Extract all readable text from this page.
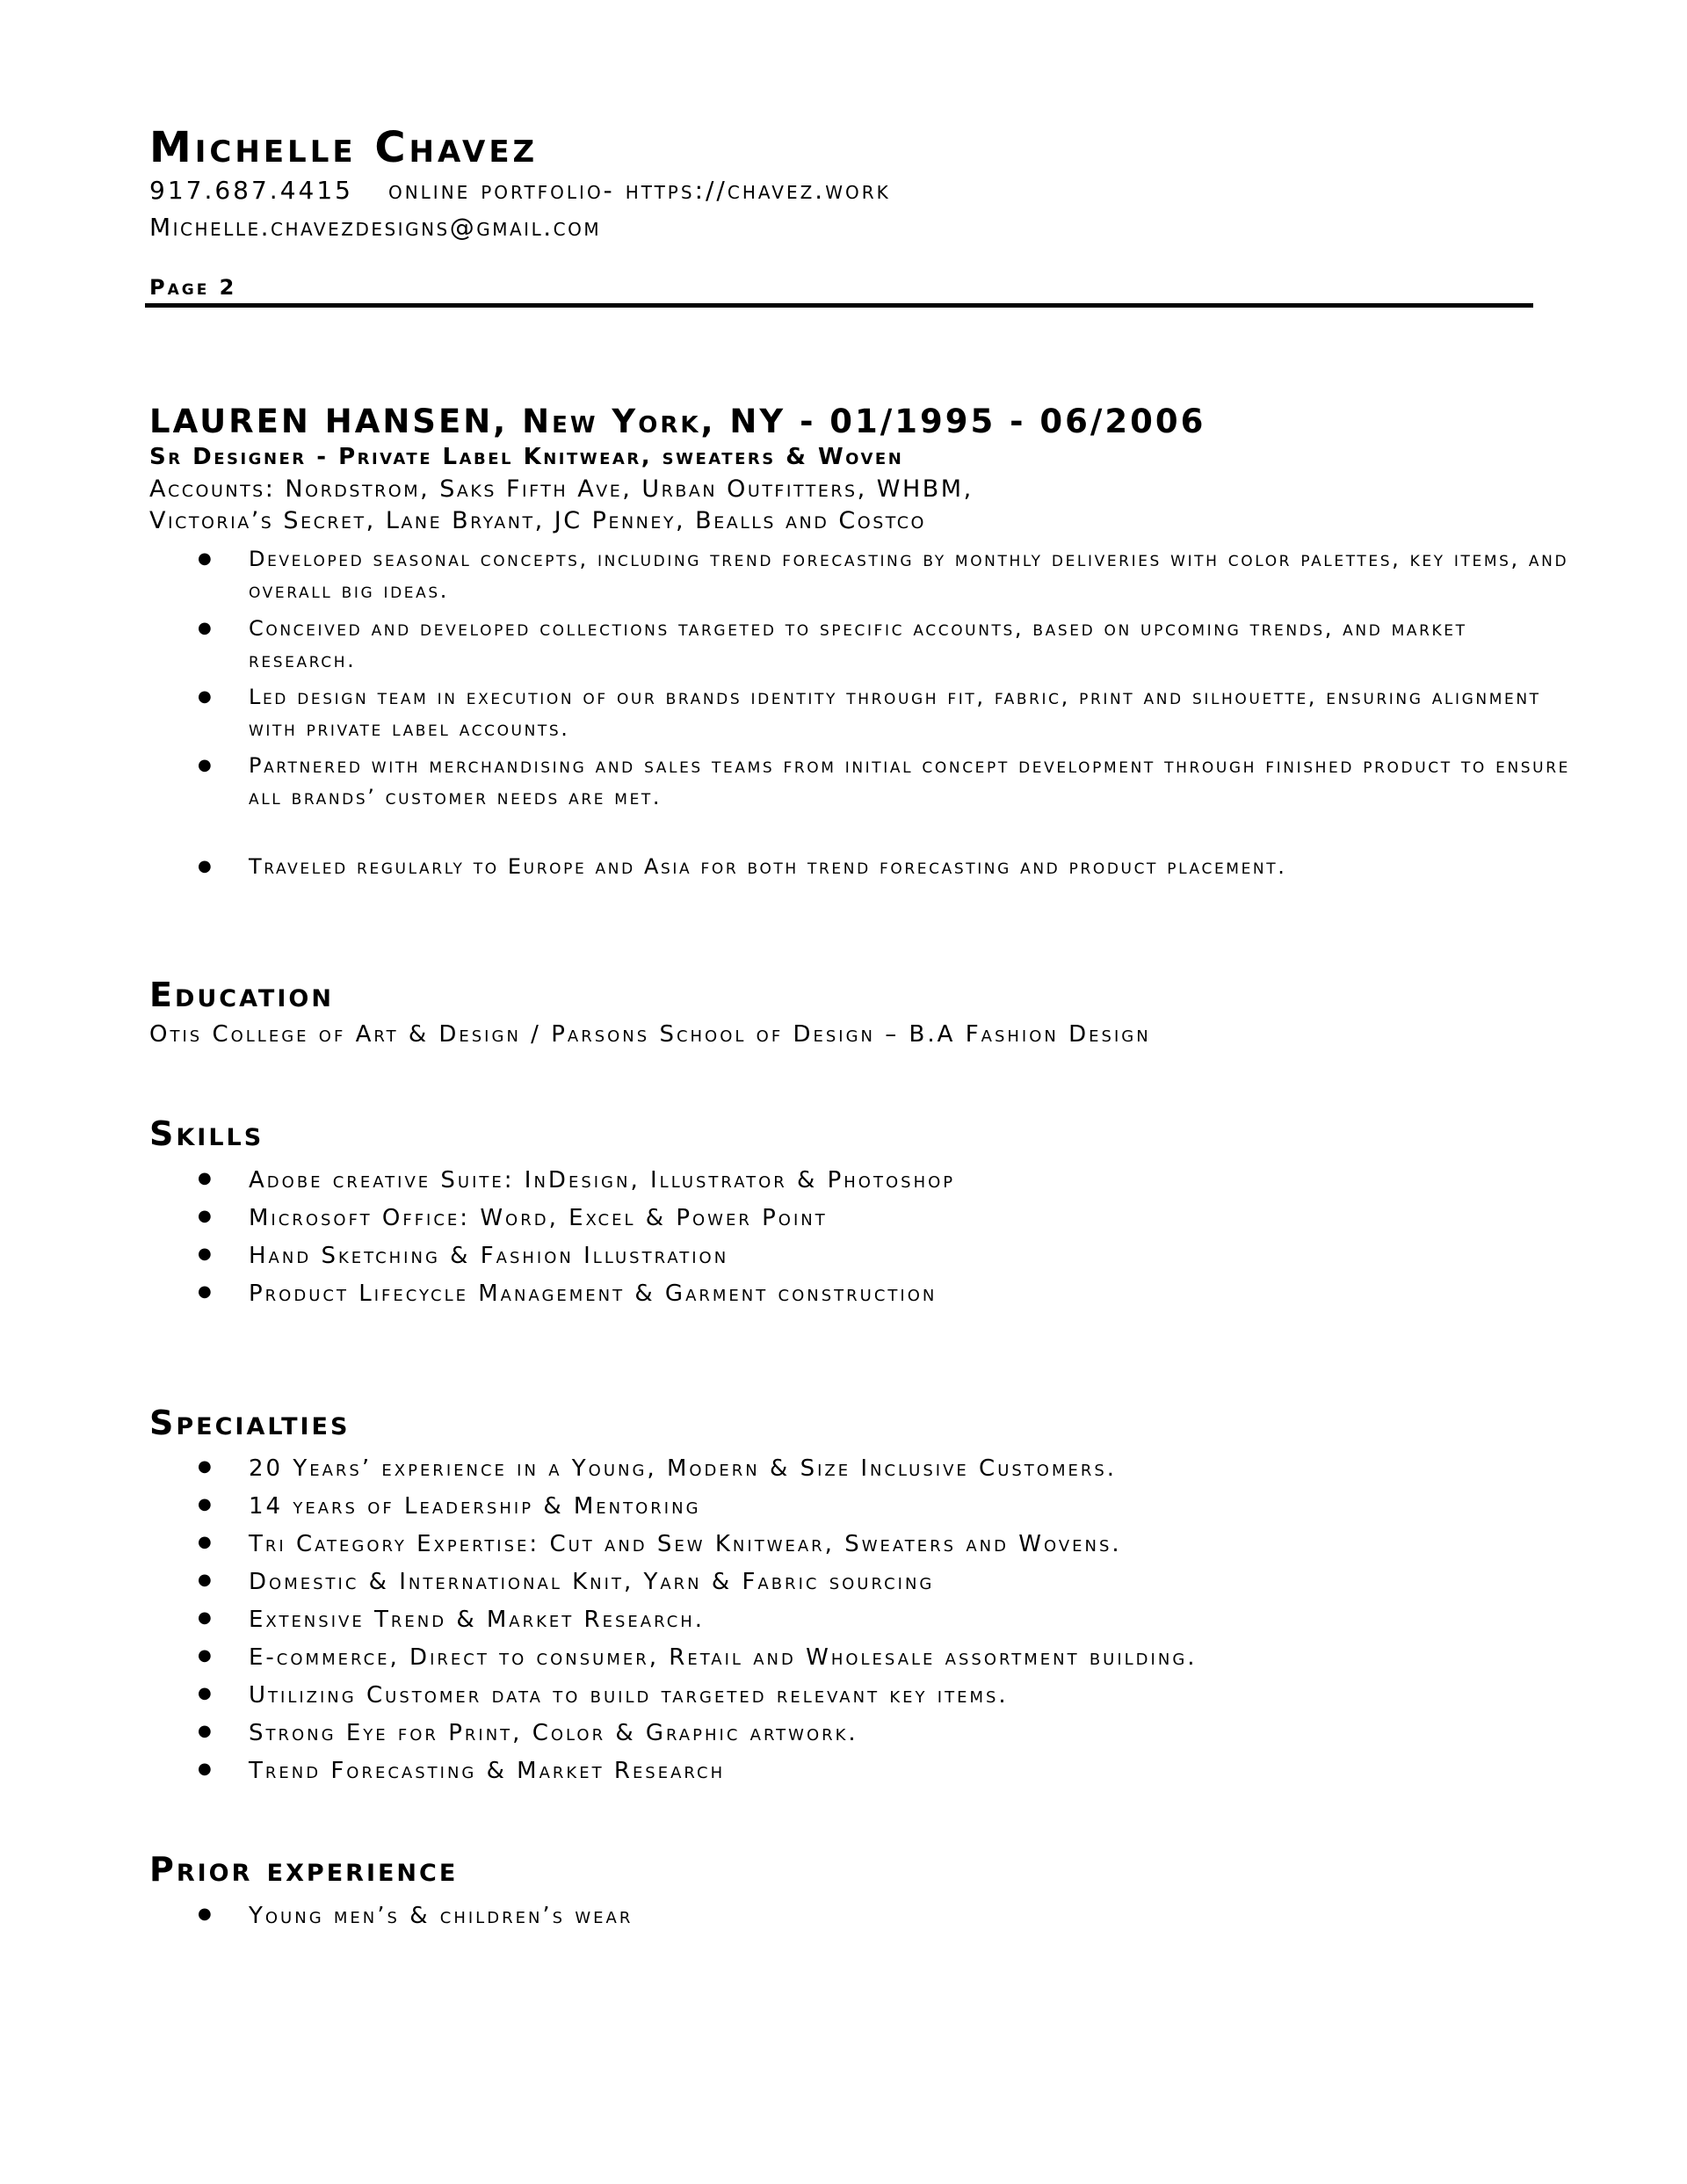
Michelle Chavez
917.687.4415 online portfolio- https://chavez.work
Michelle.chavezdesigns@gmail.com
Page 2
LAUREN HANSEN, New York, NY - 01/1995 - 06/2006
Sr Designer - Private Label Knitwear, sweaters & Woven
Accounts: Nordstrom, Saks Fifth Ave, Urban Outfitters, WHBM,
Victoria’s Secret, Lane Bryant, JC Penney, Bealls and Costco
● Developed seasonal concepts, including trend forecasting by monthly deliveries with color palettes, key items, and overall big ideas.
● Conceived and developed collections targeted to specific accounts, based on upcoming trends, and market research.
● Led design team in execution of our brands identity through fit, fabric, print and silhouette, ensuring alignment with private label accounts.
● Partnered with merchandising and sales teams from initial concept development through finished product to ensure all brands’ customer needs are met.
● Traveled regularly to Europe and Asia for both trend forecasting and product placement.
Education
Otis College of Art & Design / Parsons School of Design – B.A Fashion Design
Skills
● Adobe creative Suite: InDesign, Illustrator & Photoshop
● Microsoft Office: Word, Excel & Power Point
● Hand Sketching & Fashion Illustration
● Product Lifecycle Management & Garment construction
Specialties
● 20 Years’ experience in a Young, Modern & Size Inclusive Customers.
● 14 years of Leadership & Mentoring
● Tri Category Expertise: Cut and Sew Knitwear, Sweaters and Wovens.
● Domestic & International Knit, Yarn & Fabric sourcing
● Extensive Trend & Market Research.
● E-commerce, Direct to consumer, Retail and Wholesale assortment building.
● Utilizing Customer data to build targeted relevant key items.
● Strong Eye for Print, Color & Graphic artwork.
● Trend Forecasting & Market Research
Prior experience
● Young men’s & children’s wear
